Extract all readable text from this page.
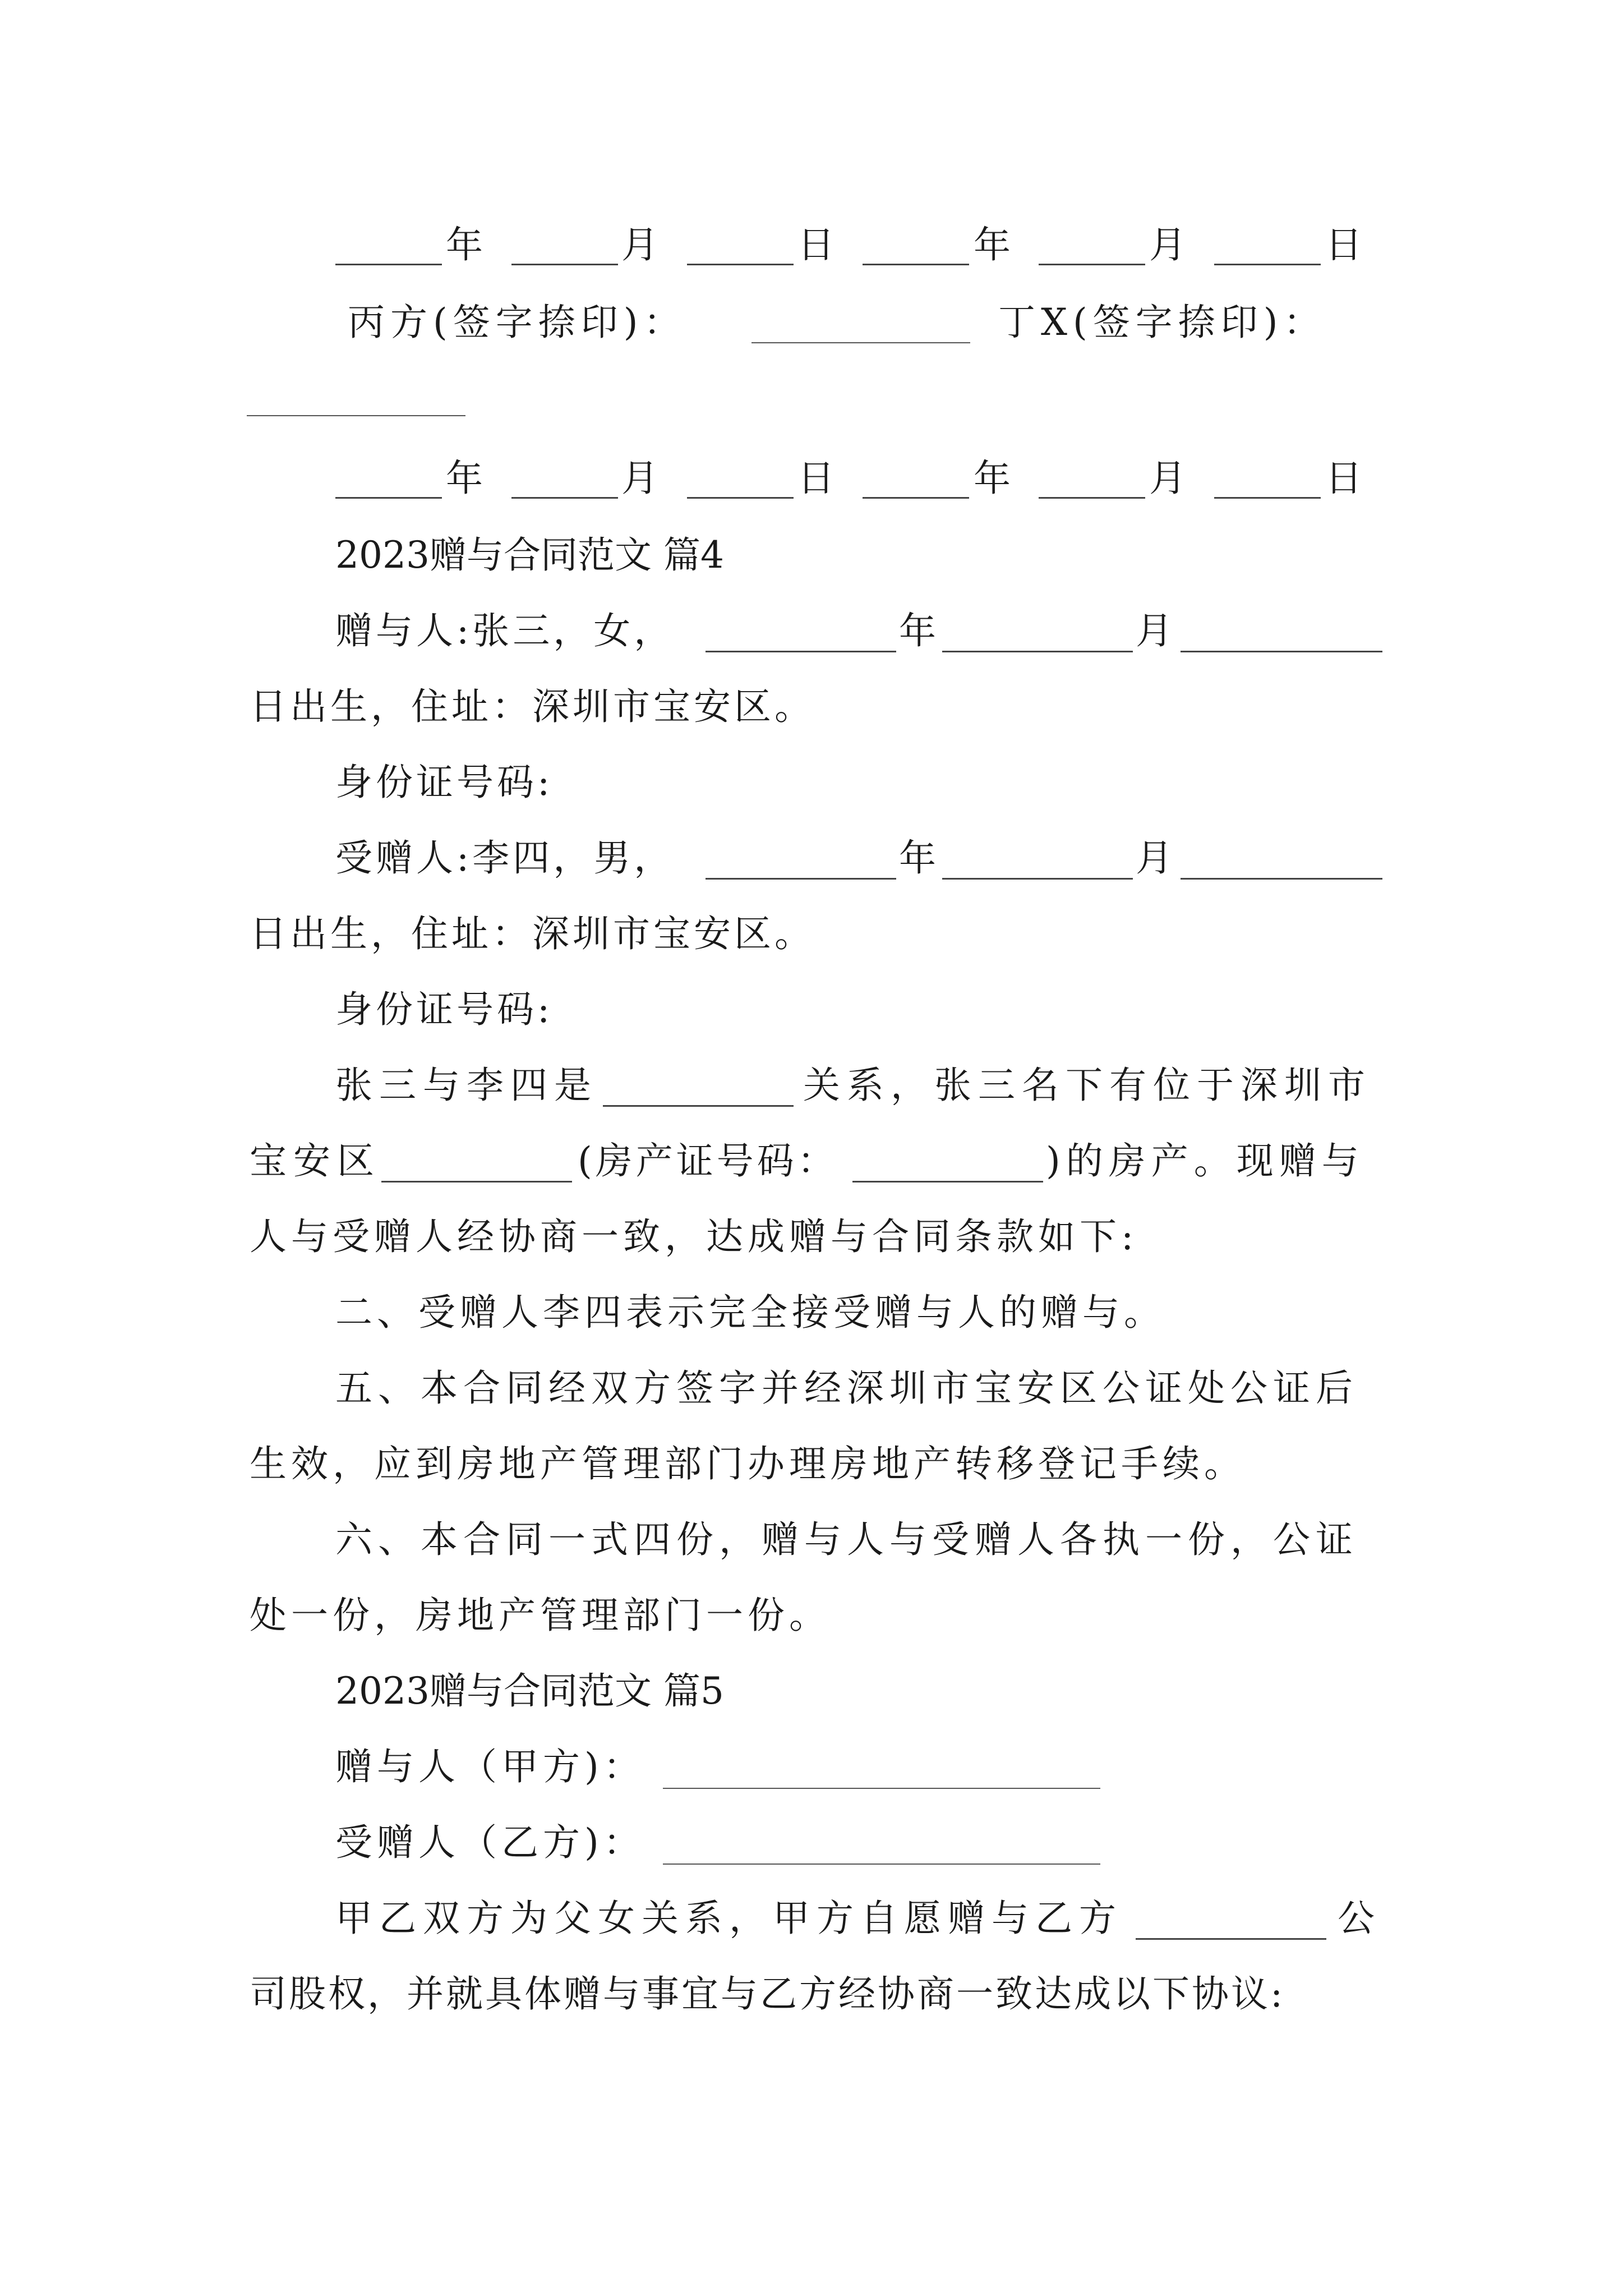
年	月	日	年	月	日
丙方(签字捺印)：	丁X(签字捺印)：
年	月	日	年	月	日
2023赠与合同范文 篇4
赠与人:张三，女，	年	月
日出生，住址：深圳市宝安区。
身份证号码:
受赠人:李四，男，	年	月
日出生，住址：深圳市宝安区。
身份证号码:
张三与李四是	关系，张三名下有位于深圳市
宝安区	(房产证号码：	)的房产。现赠与
人与受赠人经协商一致，达成赠与合同条款如下:
二、受赠人李四表示完全接受赠与人的赠与。
五、本合同经双方签字并经深圳市宝安区公证处公证后
生效，应到房地产管理部门办理房地产转移登记手续。
六、本合同一式四份，赠与人与受赠人各执一份，公证
处一份，房地产管理部门一份。
2023赠与合同范文 篇5
赠与人（甲方)：
受赠人（乙方)：
甲乙双方为父女关系，甲方自愿赠与乙方	公
司股权，并就具体赠与事宜与乙方经协商一致达成以下协议:
